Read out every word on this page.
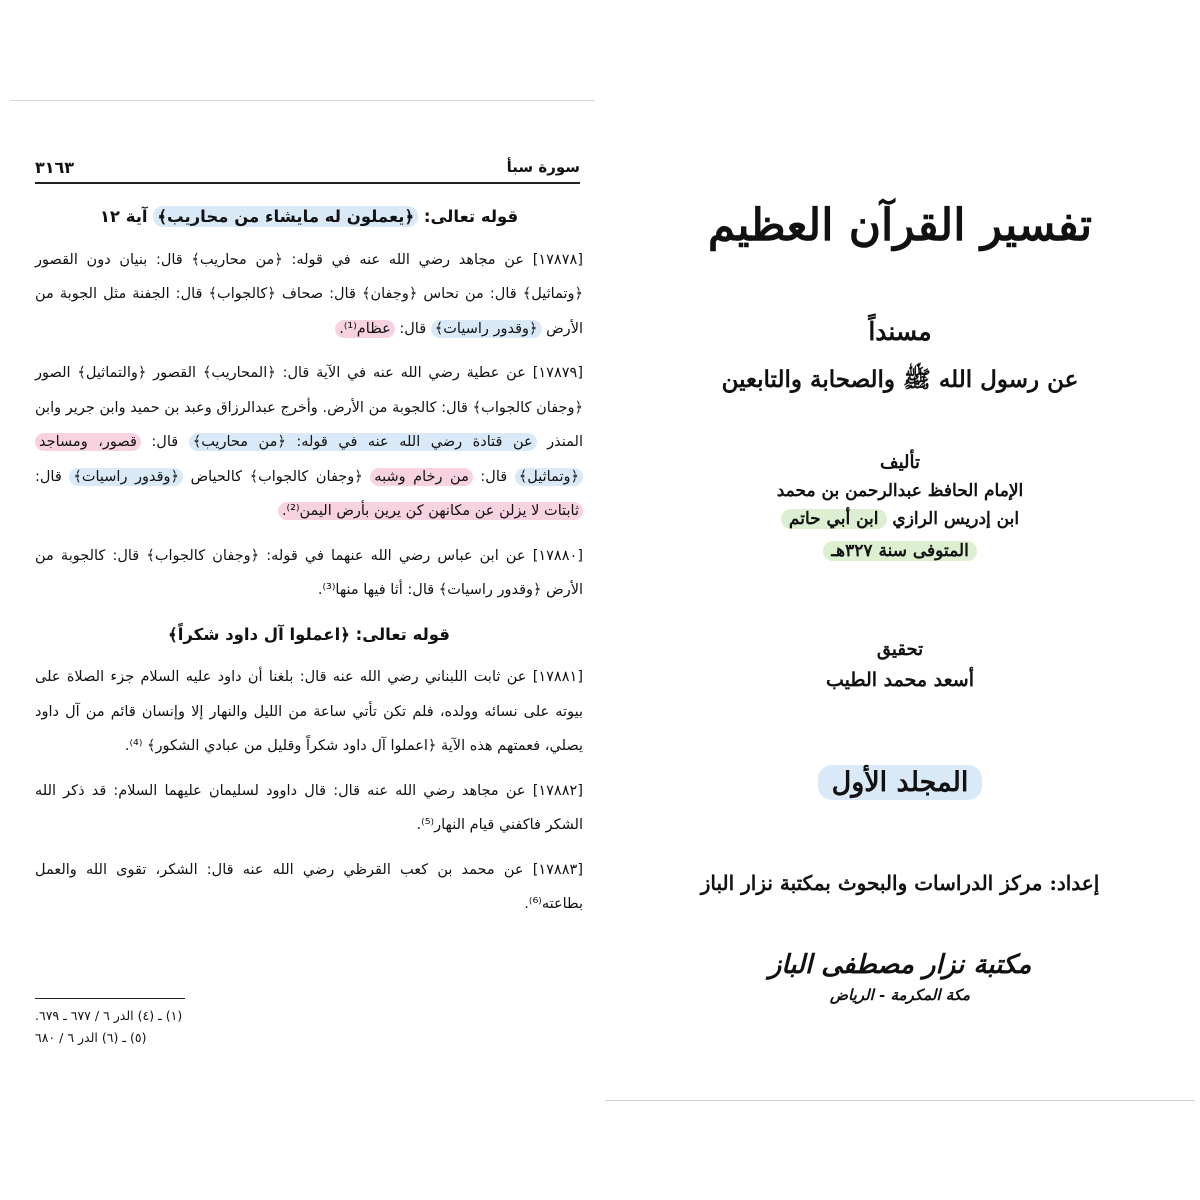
سورة سبأ
٣١٦٣
قوله تعالى: ﴿يعملون له مايشاء من محاريب﴾ آية ١٢

[١٧٨٧٨] عن مجاهد رضي الله عنه في قوله: ﴿من محاريب﴾ قال: بنيان دون القصور ﴿وتماثيل﴾ قال: من نحاس ﴿وجفان﴾ قال: صحاف ﴿كالجواب﴾ قال: الجفنة مثل الجوبة من الأرض ﴿وقدور راسيات﴾ قال: عظام⁽¹⁾.

[١٧٨٧٩] عن عطية رضي الله عنه في الآية قال: ﴿المحاريب﴾ القصور ﴿والتماثيل﴾ الصور ﴿وجفان كالجواب﴾ قال: كالجوبة من الأرض. وأخرج عبدالرزاق وعبد بن حميد وابن جرير وابن المنذر عن قتادة رضي الله عنه في قوله: ﴿من محاريب﴾ قال: قصور، ومساجد ﴿وتماثيل﴾ قال: من رخام وشبه ﴿وجفان كالجواب﴾ كالحياض ﴿وقدور راسيات﴾ قال: ثابتات لا يزلن عن مكانهن كن يرين بأرض اليمن⁽²⁾.

[١٧٨٨٠] عن ابن عباس رضي الله عنهما في قوله: ﴿وجفان كالجواب﴾ قال: كالجوبة من الأرض ﴿وقدور راسيات﴾ قال: أثا فيها منها⁽³⁾.

قوله تعالى: ﴿اعملوا آل داود شكراً﴾

[١٧٨٨١] عن ثابت اللبناني رضي الله عنه قال: بلغنا أن داود عليه السلام جزء الصلاة على بيوته على نسائه وولده، فلم تكن تأتي ساعة من الليل والنهار إلا وإنسان قائم من آل داود يصلي، فعمتهم هذه الآية ﴿اعملوا آل داود شكراً وقليل من عبادي الشكور﴾ ⁽⁴⁾.

[١٧٨٨٢] عن مجاهد رضي الله عنه قال: قال داوود لسليمان عليهما السلام: قد ذكر الله الشكر فاكفني قيام النهار⁽⁵⁾.

[١٧٨٨٣] عن محمد بن كعب القرظي رضي الله عنه قال: الشكر، تقوى الله والعمل بطاعته⁽⁶⁾.

(١) ـ (٤) الدر ٦ / ٦٧٧ ـ ٦٧٩.
(٥) ـ (٦) الدر ٦ / ٦٨٠
تفسير القرآن العظيم
مسنداً
عن رسول الله ﷺ والصحابة والتابعين
تأليف
الإمام الحافظ عبدالرحمن بن محمد
ابن إدريس الرازي ابن أبي حاتم
المتوفى سنة ٣٢٧هـ
تحقيق
أسعد محمد الطيب
المجلد الأول
إعداد: مركز الدراسات والبحوث بمكتبة نزار الباز
مكتبة نزار مصطفى الباز
مكة المكرمة - الرياض
